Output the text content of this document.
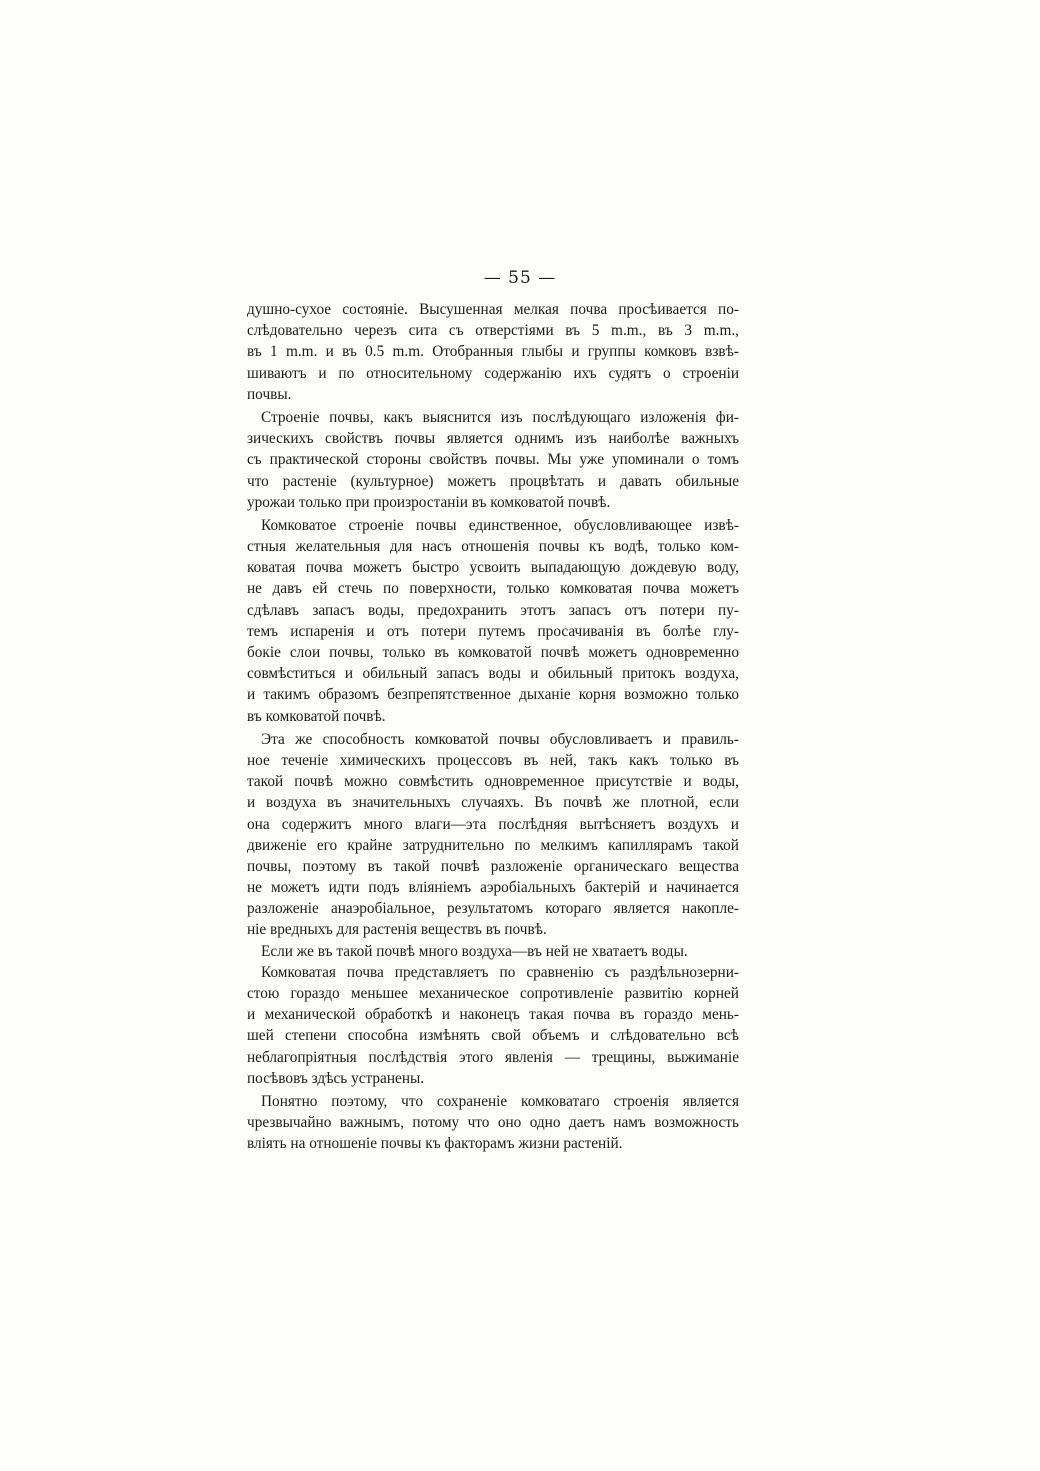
— 55 —
душно-сухое состоянiе. Высушенная мелкая почва просѣивается по-
слѣдовательно черезъ сита съ отверстiями въ 5 m.m., въ 3 m.m.,
въ 1 m.m. и въ 0.5 m.m. Отобранныя глыбы и группы комковъ взвѣ-
шиваютъ и по относительному содержанiю ихъ судятъ о строенiи
почвы.
Строенiе почвы, какъ выяснится изъ послѣдующаго изложенiя фи-
зическихъ свойствъ почвы является однимъ изъ наиболѣе важныхъ
съ практической стороны свойствъ почвы. Мы уже упоминали о томъ
что растенiе (культурное) можетъ процвѣтать и давать обильные
урожаи только при произростанiи въ комковатой почвѣ.
Комковатое строенiе почвы единственное, обусловливающее извѣ-
стныя желательныя для насъ отношенiя почвы къ водѣ, только ком-
коватая почва можетъ быстро усвоить выпадающую дождевую воду,
не давъ ей стечь по поверхности, только комковатая почва можетъ
сдѣлавъ запасъ воды, предохранить этотъ запасъ отъ потери пу-
темъ испаренiя и отъ потери путемъ просачиванiя въ болѣе глу-
бокiе слои почвы, только въ комковатой почвѣ можетъ одновременно
совмѣститься и обильный запасъ воды и обильный притокъ воздуха,
и такимъ образомъ безпрепятственное дыханiе корня возможно только
въ комковатой почвѣ.
Эта же способность комковатой почвы обусловливаетъ и правиль-
ное теченiе химическихъ процессовъ въ ней, такъ какъ только въ
такой почвѣ можно совмѣстить одновременное присутствiе и воды,
и воздуха въ значительныхъ случаяхъ. Въ почвѣ же плотной, если
она содержитъ много влаги—эта послѣдняя вытѣсняетъ воздухъ и
движенiе его крайне затруднительно по мелкимъ капиллярамъ такой
почвы, поэтому въ такой почвѣ разложенiе органическаго вещества
не можетъ идти подъ влiянiемъ аэробiальныхъ бактерiй и начинается
разложенiе анаэробiальное, результатомъ котораго является накопле-
нiе вредныхъ для растенiя веществъ въ почвѣ.
Если же въ такой почвѣ много воздуха—въ ней не хватаетъ воды.
Комковатая почва представляетъ по сравненiю съ раздѣльнозерни-
стою гораздо меньшее механическое сопротивленiе развитiю корней
и механической обработкѣ и наконецъ такая почва въ гораздо мень-
шей степени способна измѣнять свой объемъ и слѣдовательно всѣ
неблагопрiятныя послѣдствiя этого явленiя — трещины, выжиманiе
посѣвовъ здѣсь устранены.
Понятно поэтому, что сохраненiе комковатаго строенiя является
чрезвычайно важнымъ, потому что оно одно даетъ намъ возможность
влiять на отношенiе почвы къ факторамъ жизни растенiй.
